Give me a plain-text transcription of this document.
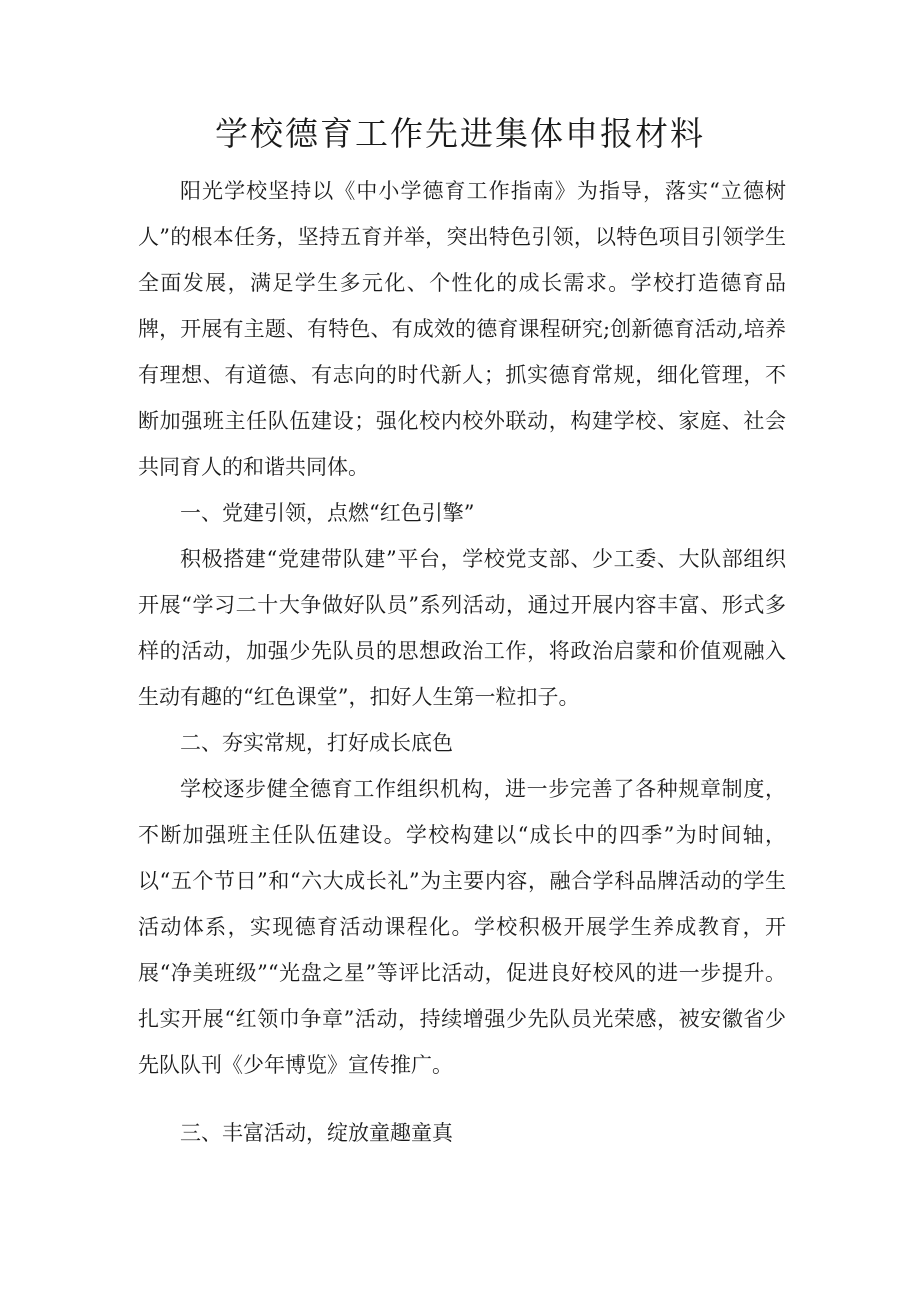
学校德育工作先进集体申报材料

阳光学校坚持以《中小学德育工作指南》为指导，落实“立德树人”的根本任务，坚持五育并举，突出特色引领，以特色项目引领学生全面发展，满足学生多元化、个性化的成长需求。学校打造德育品牌，开展有主题、有特色、有成效的德育课程研究;创新德育活动,培养有理想、有道德、有志向的时代新人；抓实德育常规，细化管理，不断加强班主任队伍建设；强化校内校外联动，构建学校、家庭、社会共同育人的和谐共同体。

一、党建引领，点燃“红色引擎”

积极搭建“党建带队建”平台，学校党支部、少工委、大队部组织开展“学习二十大争做好队员”系列活动，通过开展内容丰富、形式多样的活动，加强少先队员的思想政治工作，将政治启蒙和价值观融入生动有趣的“红色课堂”，扣好人生第一粒扣子。

二、夯实常规，打好成长底色

学校逐步健全德育工作组织机构，进一步完善了各种规章制度，不断加强班主任队伍建设。学校构建以“成长中的四季”为时间轴，以“五个节日”和“六大成长礼”为主要内容，融合学科品牌活动的学生活动体系，实现德育活动课程化。学校积极开展学生养成教育，开展“净美班级”“光盘之星”等评比活动，促进良好校风的进一步提升。扎实开展“红领巾争章”活动，持续增强少先队员光荣感，被安徽省少先队队刊《少年博览》宣传推广。

三、丰富活动，绽放童趣童真
